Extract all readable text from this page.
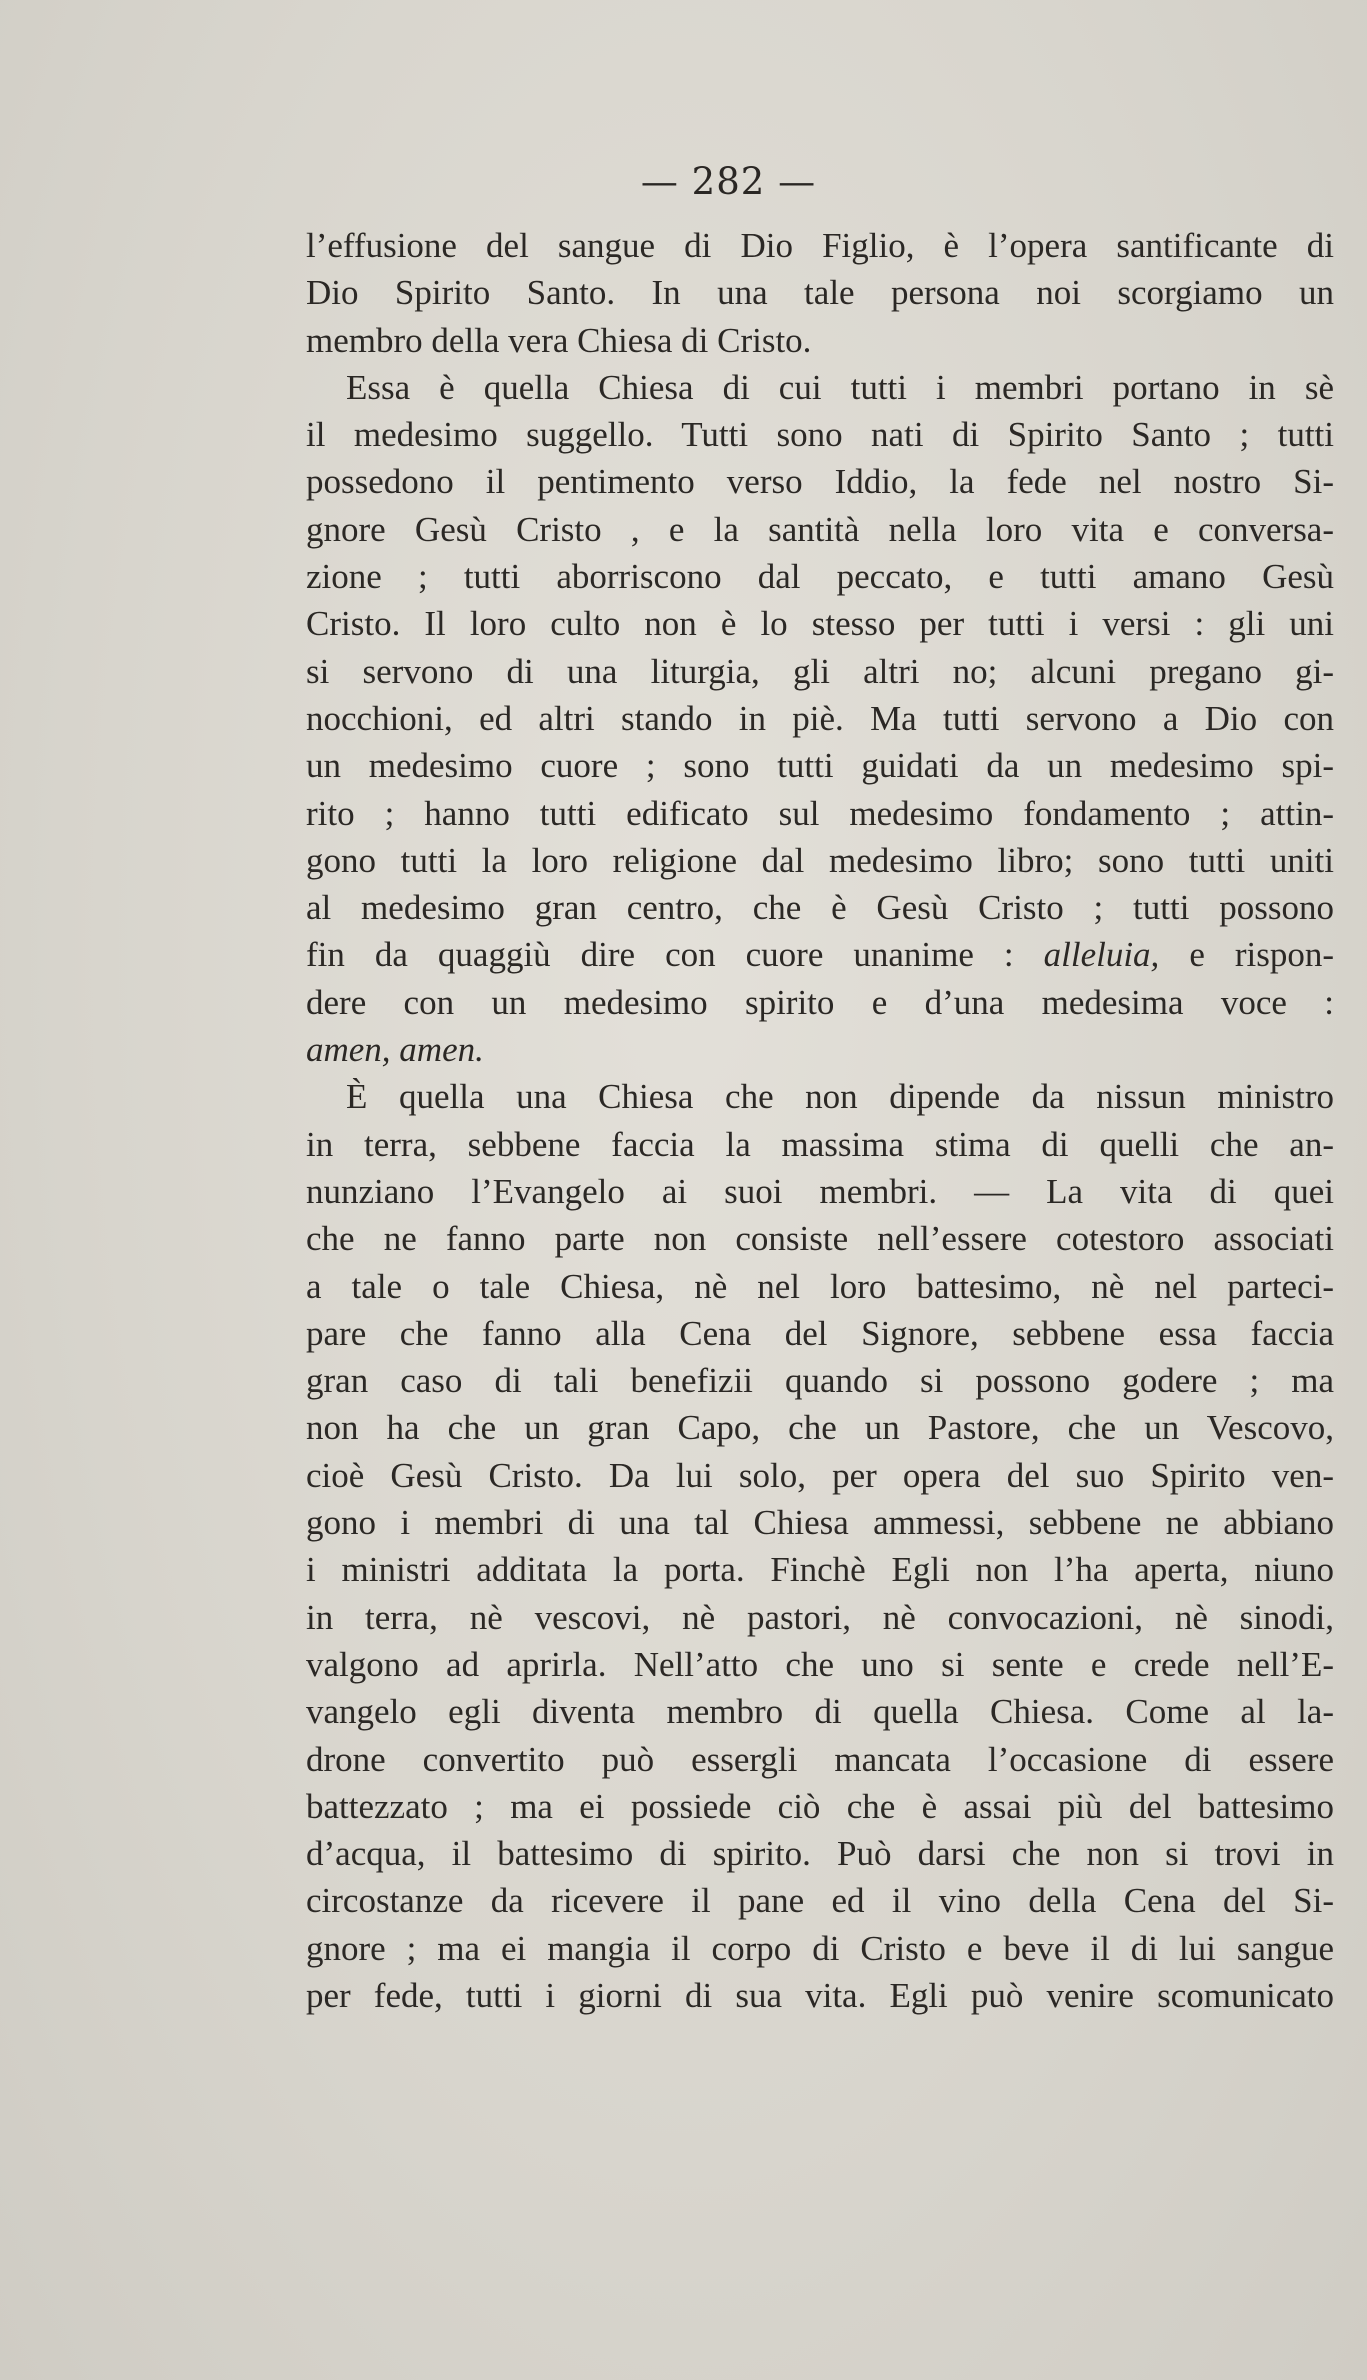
— 282 —
l’effusione del sangue di Dio Figlio, è l’opera santificante di
Dio Spirito Santo. In una tale persona noi scorgiamo un
membro della vera Chiesa di Cristo.
Essa è quella Chiesa di cui tutti i membri portano in sè
il medesimo suggello. Tutti sono nati di Spirito Santo ; tutti
possedono il pentimento verso Iddio, la fede nel nostro Si-
gnore Gesù Cristo , e la santità nella loro vita e conversa-
zione ; tutti aborriscono dal peccato, e tutti amano Gesù
Cristo. Il loro culto non è lo stesso per tutti i versi : gli uni
si servono di una liturgia, gli altri no; alcuni pregano gi-
nocchioni, ed altri stando in piè. Ma tutti servono a Dio con
un medesimo cuore ; sono tutti guidati da un medesimo spi-
rito ; hanno tutti edificato sul medesimo fondamento ; attin-
gono tutti la loro religione dal medesimo libro; sono tutti uniti
al medesimo gran centro, che è Gesù Cristo ; tutti possono
fin da quaggiù dire con cuore unanime : alleluia, e rispon-
dere con un medesimo spirito e d’una medesima voce :
amen, amen.
È quella una Chiesa che non dipende da nissun ministro
in terra, sebbene faccia la massima stima di quelli che an-
nunziano l’Evangelo ai suoi membri. — La vita di quei
che ne fanno parte non consiste nell’essere cotestoro associati
a tale o tale Chiesa, nè nel loro battesimo, nè nel parteci-
pare che fanno alla Cena del Signore, sebbene essa faccia
gran caso di tali benefizii quando si possono godere ; ma
non ha che un gran Capo, che un Pastore, che un Vescovo,
cioè Gesù Cristo. Da lui solo, per opera del suo Spirito ven-
gono i membri di una tal Chiesa ammessi, sebbene ne abbiano
i ministri additata la porta. Finchè Egli non l’ha aperta, niuno
in terra, nè vescovi, nè pastori, nè convocazioni, nè sinodi,
valgono ad aprirla. Nell’atto che uno si sente e crede nell’E-
vangelo egli diventa membro di quella Chiesa. Come al la-
drone convertito può essergli mancata l’occasione di essere
battezzato ; ma ei possiede ciò che è assai più del battesimo
d’acqua, il battesimo di spirito. Può darsi che non si trovi in
circostanze da ricevere il pane ed il vino della Cena del Si-
gnore ; ma ei mangia il corpo di Cristo e beve il di lui sangue
per fede, tutti i giorni di sua vita. Egli può venire scomunicato
